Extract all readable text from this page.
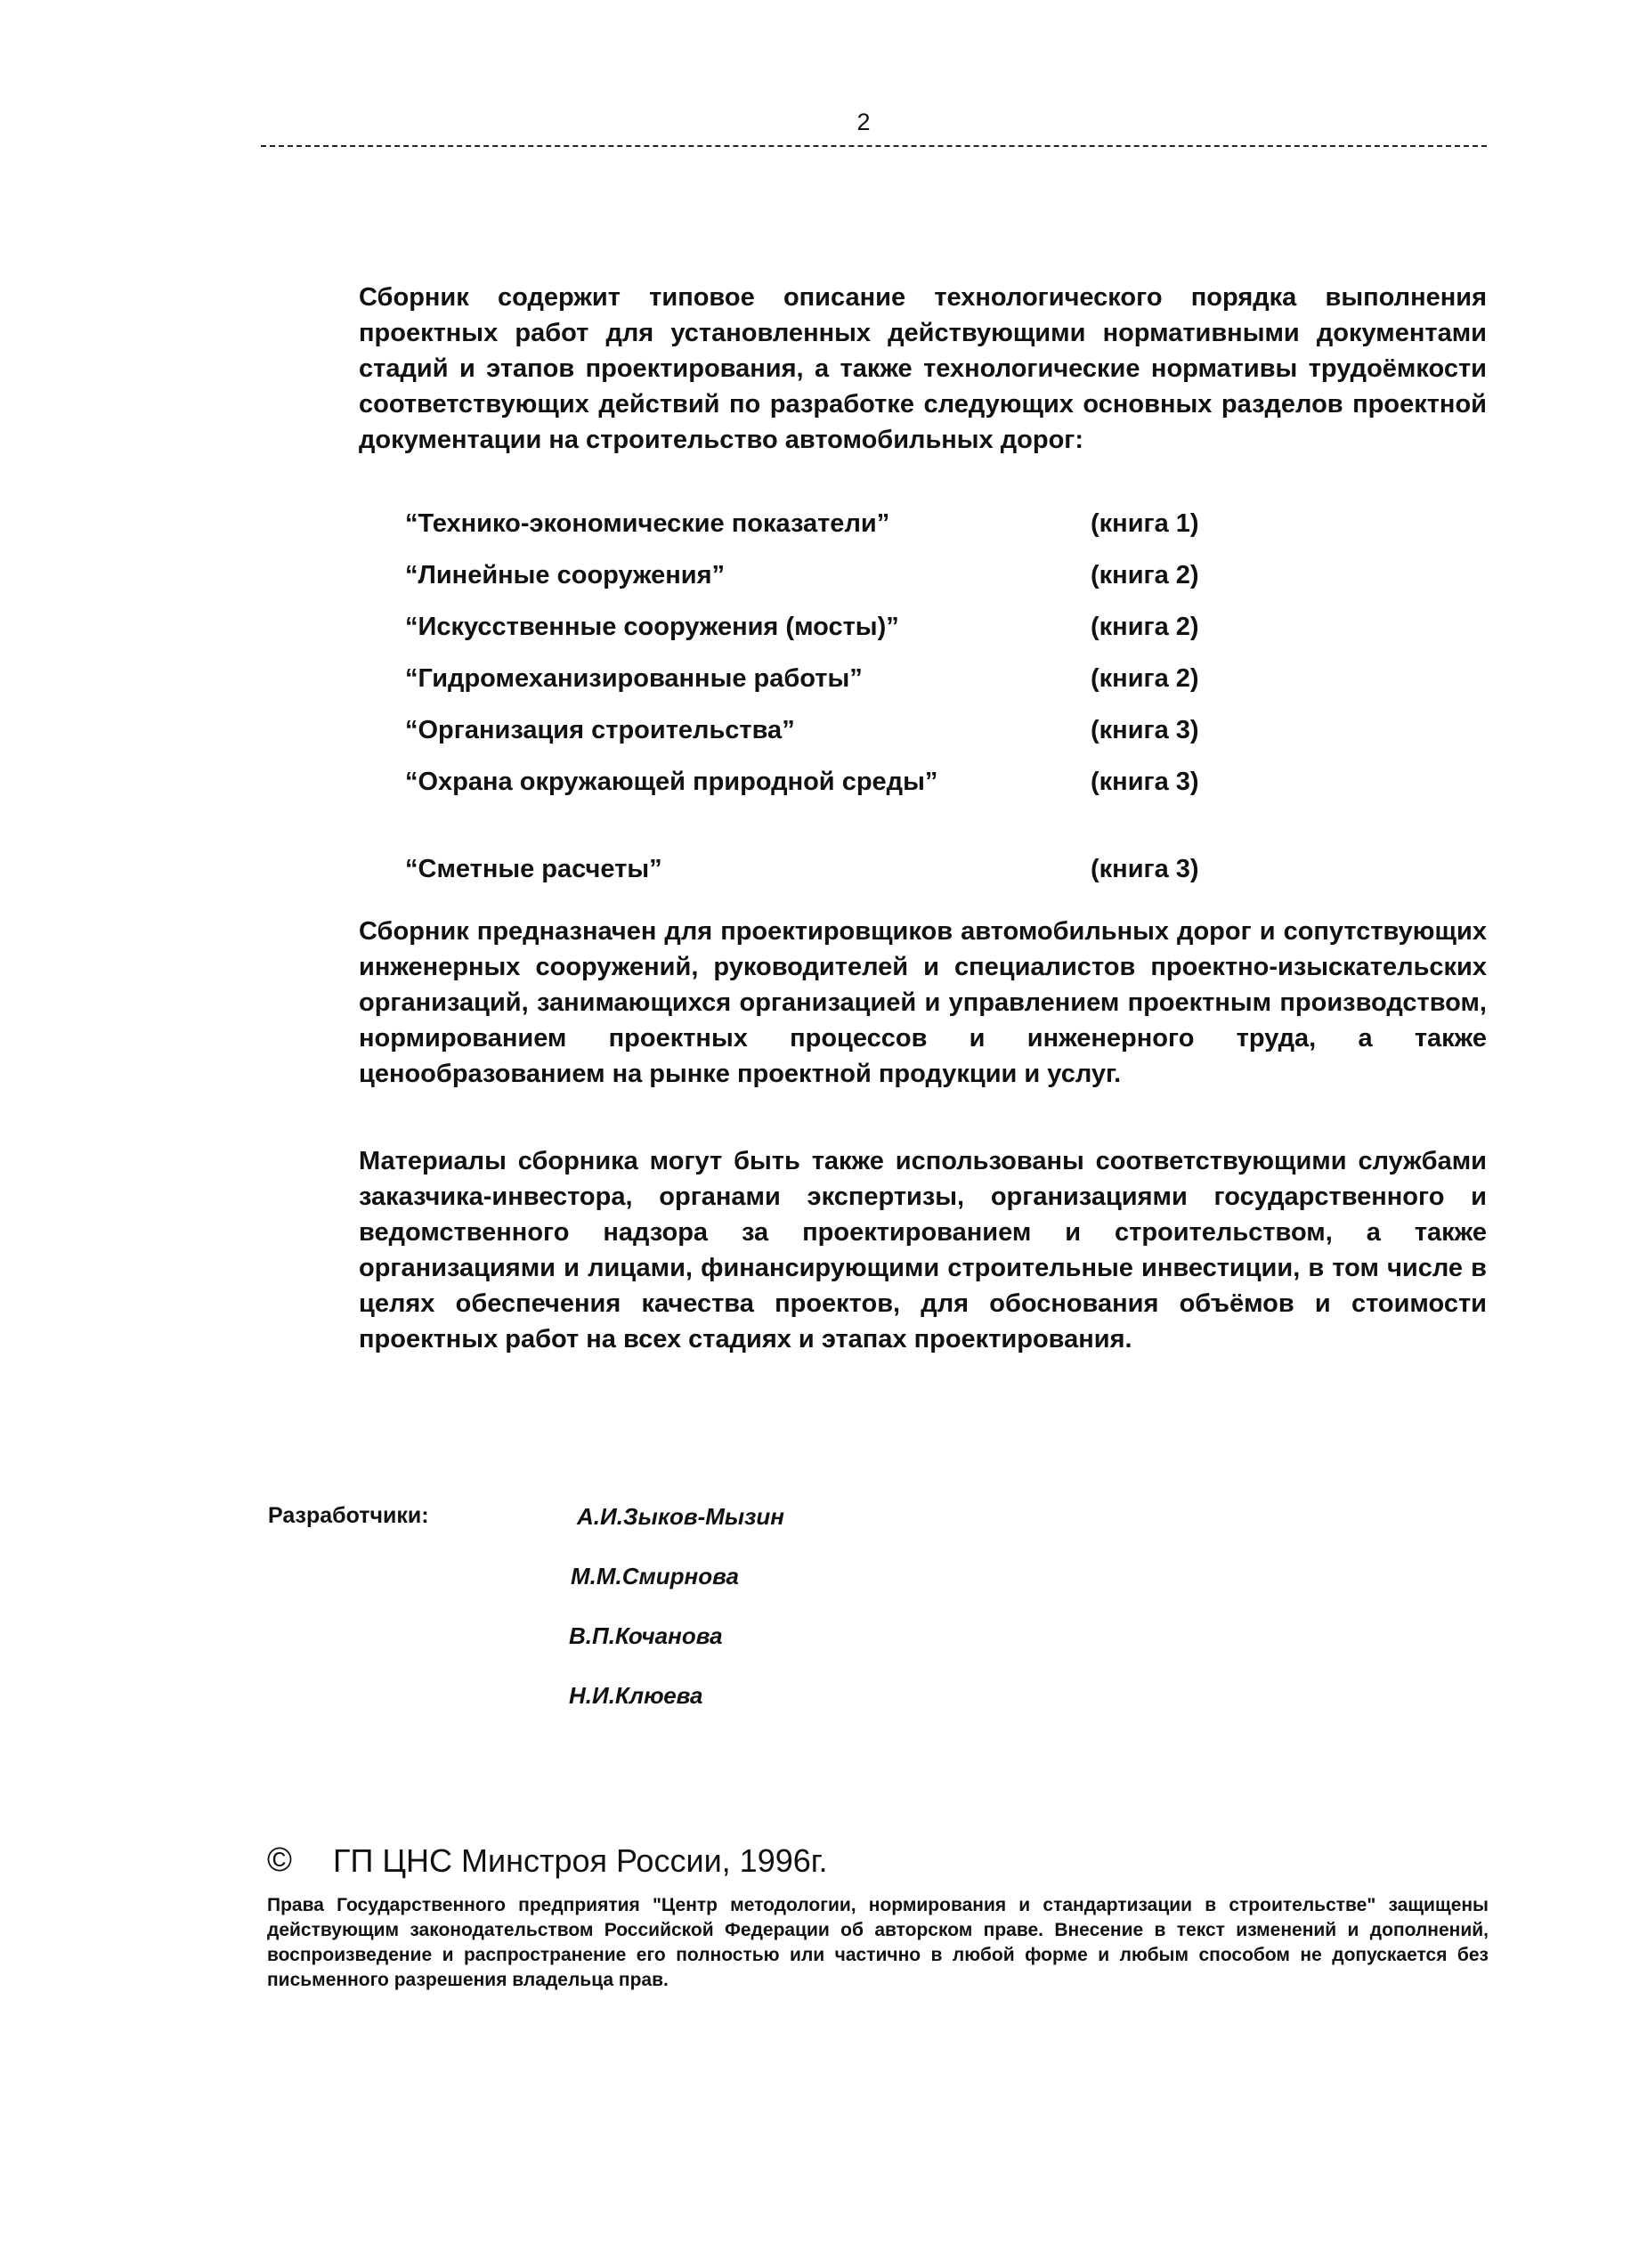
2

Сборник содержит типовое описание технологического порядка выполнения проектных работ для установленных действующими нормативными документами стадий и этапов проектирования, а также технологические нормативы трудоёмкости соответствующих действий по разработке следующих основных разделов проектной документации на строительство автомобильных дорог:

“Технико-экономические показатели”	(книга 1)
“Линейные сооружения”	(книга 2)
“Искусственные сооружения (мосты)”	(книга 2)
“Гидромеханизированные работы”	(книга 2)
“Организация строительства”	(книга 3)
“Охрана окружающей природной среды”	(книга 3)
“Сметные расчеты”	(книга 3)

Сборник предназначен для проектировщиков автомобильных дорог и сопутствующих инженерных сооружений, руководителей и специалистов проектно-изыскательских организаций, занимающихся организацией и управлением проектным производством, нормированием проектных процессов и инженерного труда, а также ценообразованием на рынке проектной продукции и услуг.

Материалы сборника могут быть также использованы соответствующими службами заказчика-инвестора, органами экспертизы, организациями государственного и ведомственного надзора за проектированием и строительством, а также организациями и лицами, финансирующими строительные инвестиции, в том числе в целях обеспечения качества проектов, для обоснования объёмов и стоимости проектных работ на всех стадиях и этапах проектирования.

Разработчики:	А.И.Зыков-Мызин
М.М.Смирнова
В.П.Кочанова
Н.И.Клюева
© ГП ЦНС Минстроя России, 1996г.
Права Государственного предприятия "Центр методологии, нормирования и стандартизации в строительстве" защищены действующим законодательством Российской Федерации об авторском праве. Внесение в текст изменений и дополнений, воспроизведение и распространение его полностью или частично в любой форме и любым способом не допускается без письменного разрешения владельца прав.
